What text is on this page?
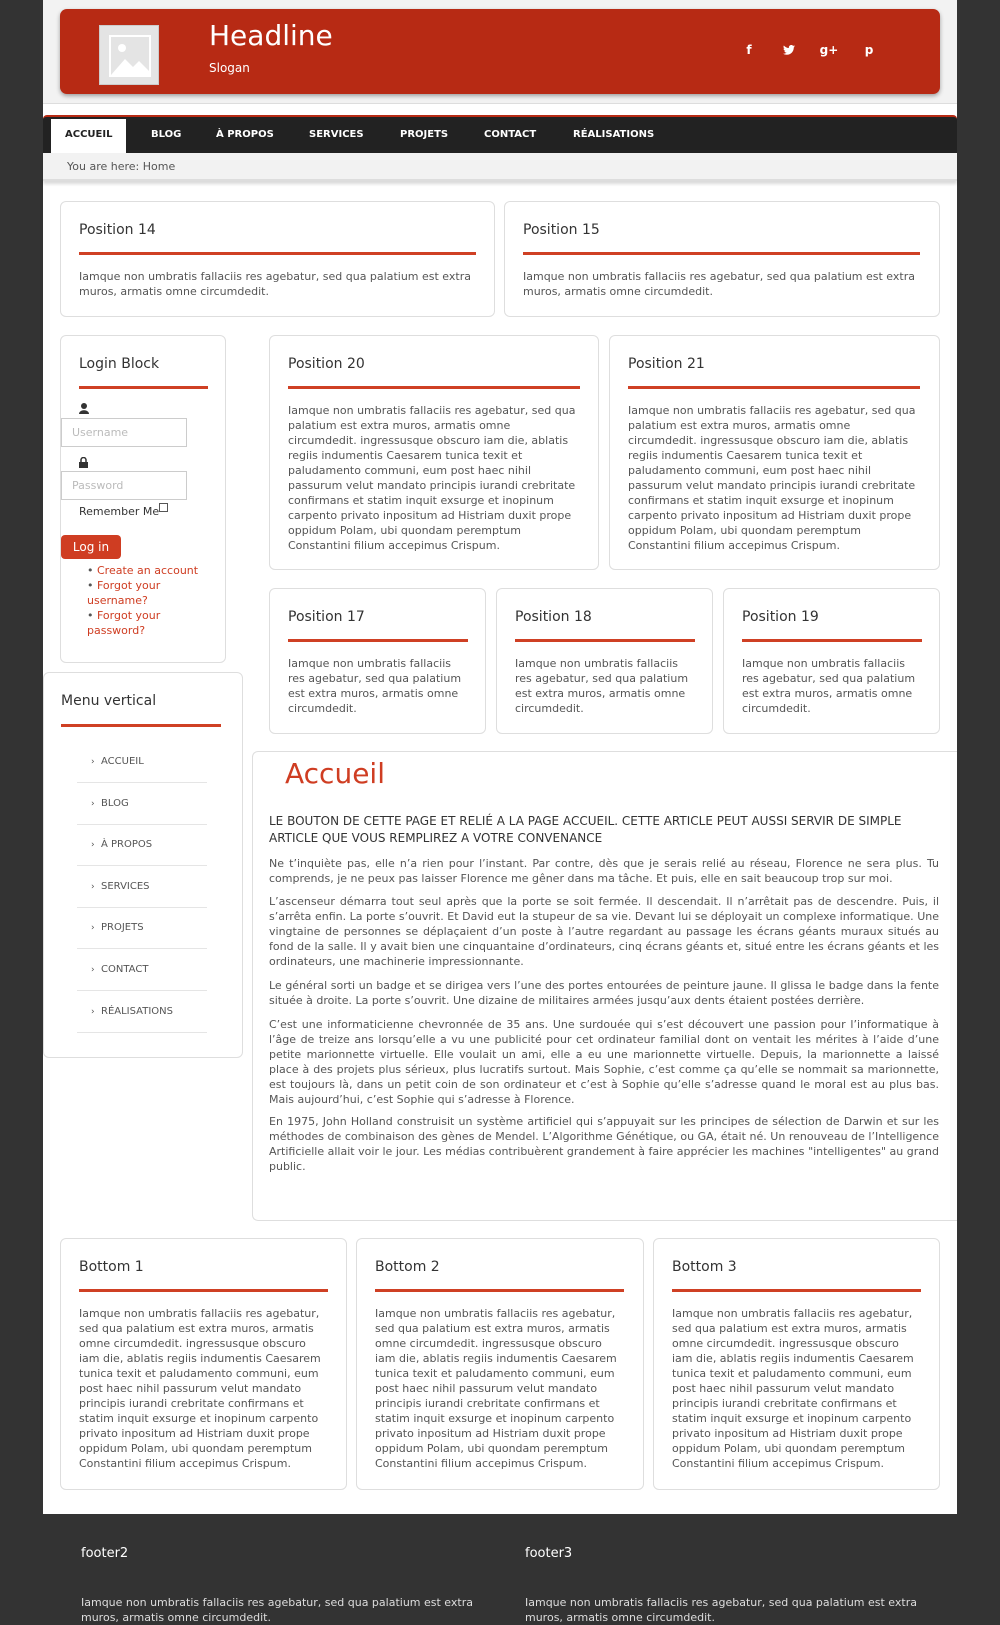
Headline
Slogan
f	g+	p
ACCUEIL	BLOG	À PROPOS	SERVICES	PROJETS	CONTACT	RÉALISATIONS
You are here: Home
Position 14
Iamque non umbratis fallaciis res agebatur, sed qua palatium est extra muros, armatis omne circumdedit.
Position 15
Iamque non umbratis fallaciis res agebatur, sed qua palatium est extra muros, armatis omne circumdedit.
Login Block
Username
Password
Remember Me
Log in
• Create an account
• Forgot your username?
• Forgot your password?
Position 20
Iamque non umbratis fallaciis res agebatur, sed qua palatium est extra muros, armatis omne circumdedit. ingressusque obscuro iam die, ablatis regiis indumentis Caesarem tunica texit et paludamento communi, eum post haec nihil passurum velut mandato principis iurandi crebritate confirmans et statim inquit exsurge et inopinum carpento privato inpositum ad Histriam duxit prope oppidum Polam, ubi quondam peremptum Constantini filium accepimus Crispum.
Position 21
Iamque non umbratis fallaciis res agebatur, sed qua palatium est extra muros, armatis omne circumdedit. ingressusque obscuro iam die, ablatis regiis indumentis Caesarem tunica texit et paludamento communi, eum post haec nihil passurum velut mandato principis iurandi crebritate confirmans et statim inquit exsurge et inopinum carpento privato inpositum ad Histriam duxit prope oppidum Polam, ubi quondam peremptum Constantini filium accepimus Crispum.
Position 17
Iamque non umbratis fallaciis res agebatur, sed qua palatium est extra muros, armatis omne circumdedit.
Position 18
Iamque non umbratis fallaciis res agebatur, sed qua palatium est extra muros, armatis omne circumdedit.
Position 19
Iamque non umbratis fallaciis res agebatur, sed qua palatium est extra muros, armatis omne circumdedit.
Menu vertical
› ACCUEIL
› BLOG
› À PROPOS
› SERVICES
› PROJETS
› CONTACT
› RÉALISATIONS
Accueil
LE BOUTON DE CETTE PAGE ET RELIÉ A LA PAGE ACCUEIL. CETTE ARTICLE PEUT AUSSI SERVIR DE SIMPLE ARTICLE QUE VOUS REMPLIREZ A VOTRE CONVENANCE
Ne t’inquiète pas, elle n’a rien pour l’instant. Par contre, dès que je serais relié au réseau, Florence ne sera plus. Tu comprends, je ne peux pas laisser Florence me gêner dans ma tâche. Et puis, elle en sait beaucoup trop sur moi.
L’ascenseur démarra tout seul après que la porte se soit fermée. Il descendait. Il n’arrêtait pas de descendre. Puis, il s’arrêta enfin. La porte s’ouvrit. Et David eut la stupeur de sa vie. Devant lui se déployait un complexe informatique. Une vingtaine de personnes se déplaçaient d’un poste à l’autre regardant au passage les écrans géants muraux situés au fond de la salle. Il y avait bien une cinquantaine d’ordinateurs, cinq écrans géants et, situé entre les écrans géants et les ordinateurs, une machinerie impressionnante.
Le général sorti un badge et se dirigea vers l’une des portes entourées de peinture jaune. Il glissa le badge dans la fente située à droite. La porte s’ouvrit. Une dizaine de militaires armées jusqu’aux dents étaient postées derrière.
C’est une informaticienne chevronnée de 35 ans. Une surdouée qui s’est découvert une passion pour l’informatique à l’âge de treize ans lorsqu’elle a vu une publicité pour cet ordinateur familial dont on ventait les mérites à l’aide d’une petite marionnette virtuelle. Elle voulait un ami, elle a eu une marionnette virtuelle. Depuis, la marionnette a laissé place à des projets plus sérieux, plus lucratifs surtout. Mais Sophie, c’est comme ça qu’elle se nommait sa marionnette, est toujours là, dans un petit coin de son ordinateur et c’est à Sophie qu’elle s’adresse quand le moral est au plus bas. Mais aujourd’hui, c’est Sophie qui s’adresse à Florence.
En 1975, John Holland construisit un système artificiel qui s’appuyait sur les principes de sélection de Darwin et sur les méthodes de combinaison des gènes de Mendel. L’Algorithme Génétique, ou GA, était né. Un renouveau de l’Intelligence Artificielle allait voir le jour. Les médias contribuèrent grandement à faire apprécier les machines "intelligentes" au grand public.
Bottom 1
Iamque non umbratis fallaciis res agebatur, sed qua palatium est extra muros, armatis omne circumdedit. ingressusque obscuro iam die, ablatis regiis indumentis Caesarem tunica texit et paludamento communi, eum post haec nihil passurum velut mandato principis iurandi crebritate confirmans et statim inquit exsurge et inopinum carpento privato inpositum ad Histriam duxit prope oppidum Polam, ubi quondam peremptum Constantini filium accepimus Crispum.
Bottom 2
Iamque non umbratis fallaciis res agebatur, sed qua palatium est extra muros, armatis omne circumdedit. ingressusque obscuro iam die, ablatis regiis indumentis Caesarem tunica texit et paludamento communi, eum post haec nihil passurum velut mandato principis iurandi crebritate confirmans et statim inquit exsurge et inopinum carpento privato inpositum ad Histriam duxit prope oppidum Polam, ubi quondam peremptum Constantini filium accepimus Crispum.
Bottom 3
Iamque non umbratis fallaciis res agebatur, sed qua palatium est extra muros, armatis omne circumdedit. ingressusque obscuro iam die, ablatis regiis indumentis Caesarem tunica texit et paludamento communi, eum post haec nihil passurum velut mandato principis iurandi crebritate confirmans et statim inquit exsurge et inopinum carpento privato inpositum ad Histriam duxit prope oppidum Polam, ubi quondam peremptum Constantini filium accepimus Crispum.
footer2	footer3
Iamque non umbratis fallaciis res agebatur, sed qua palatium est extra muros, armatis omne circumdedit.
Iamque non umbratis fallaciis res agebatur, sed qua palatium est extra muros, armatis omne circumdedit.
